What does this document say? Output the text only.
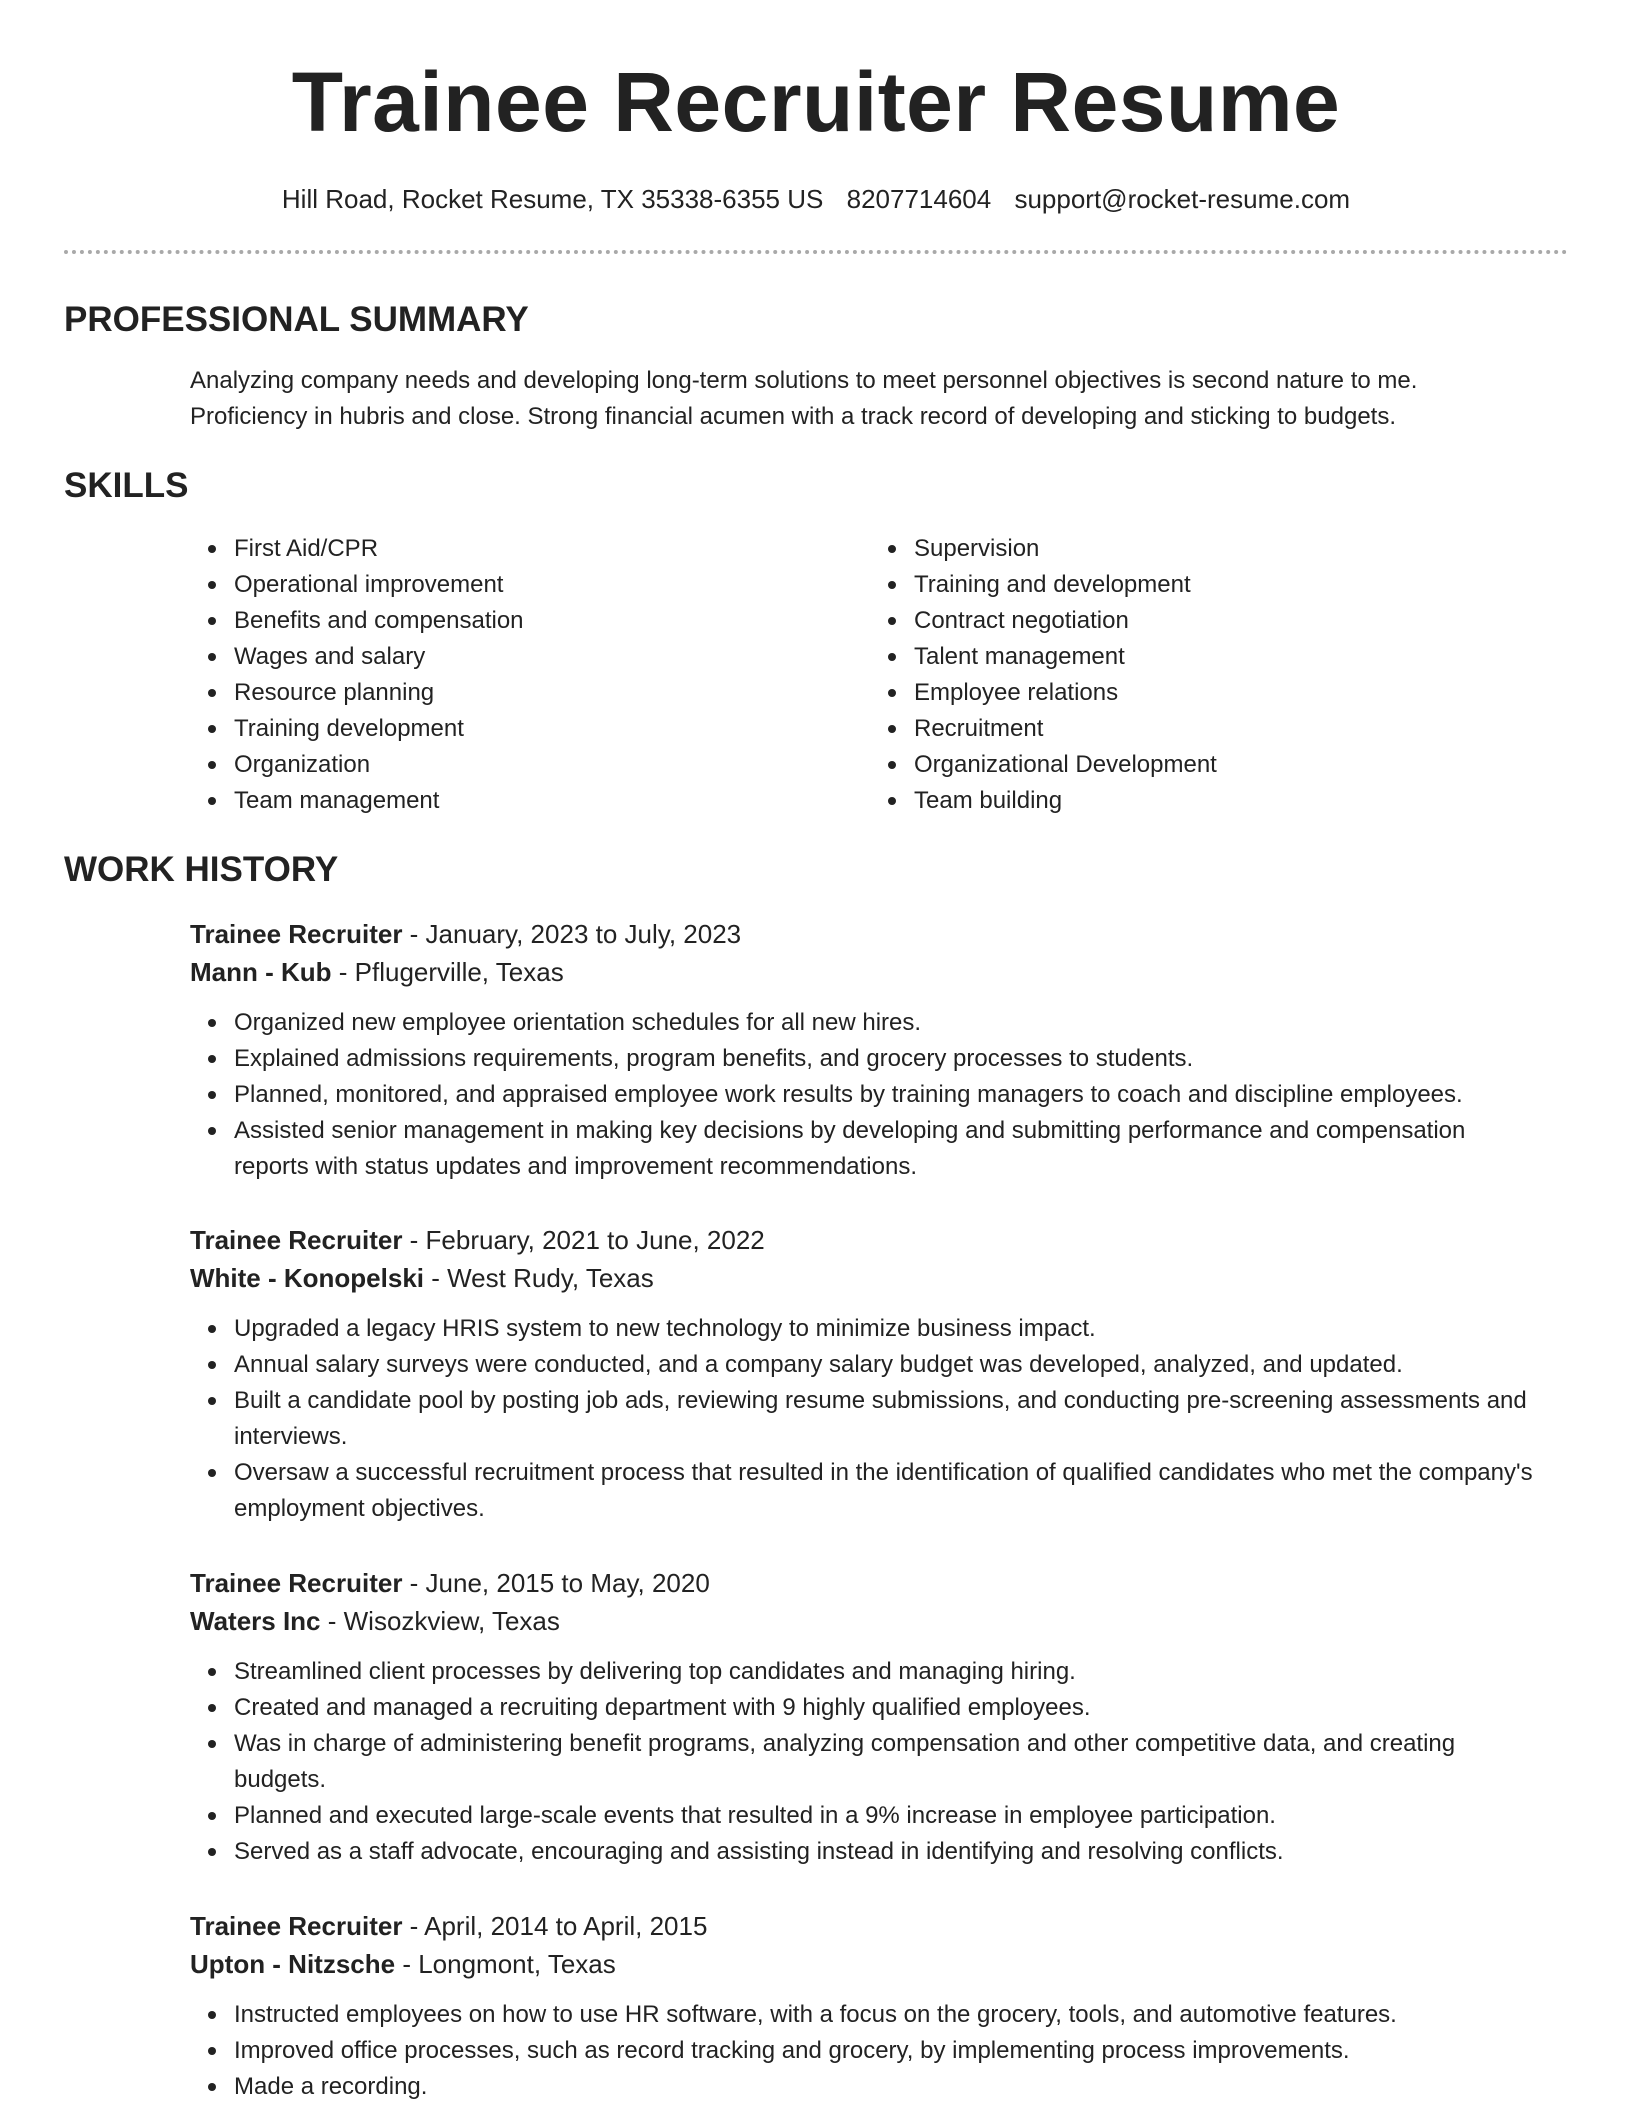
Trainee Recruiter Resume
Hill Road, Rocket Resume, TX 35338-6355 US 8207714604 support@rocket-resume.com
PROFESSIONAL SUMMARY
Analyzing company needs and developing long-term solutions to meet personnel objectives is second nature to me. Proficiency in hubris and close. Strong financial acumen with a track record of developing and sticking to budgets.
SKILLS
First Aid/CPR
Operational improvement
Benefits and compensation
Wages and salary
Resource planning
Training development
Organization
Team management
Supervision
Training and development
Contract negotiation
Talent management
Employee relations
Recruitment
Organizational Development
Team building
WORK HISTORY
Trainee Recruiter - January, 2023 to July, 2023
Mann - Kub - Pflugerville, Texas
Organized new employee orientation schedules for all new hires.
Explained admissions requirements, program benefits, and grocery processes to students.
Planned, monitored, and appraised employee work results by training managers to coach and discipline employees.
Assisted senior management in making key decisions by developing and submitting performance and compensation reports with status updates and improvement recommendations.
Trainee Recruiter - February, 2021 to June, 2022
White - Konopelski - West Rudy, Texas
Upgraded a legacy HRIS system to new technology to minimize business impact.
Annual salary surveys were conducted, and a company salary budget was developed, analyzed, and updated.
Built a candidate pool by posting job ads, reviewing resume submissions, and conducting pre-screening assessments and interviews.
Oversaw a successful recruitment process that resulted in the identification of qualified candidates who met the company's employment objectives.
Trainee Recruiter - June, 2015 to May, 2020
Waters Inc - Wisozkview, Texas
Streamlined client processes by delivering top candidates and managing hiring.
Created and managed a recruiting department with 9 highly qualified employees.
Was in charge of administering benefit programs, analyzing compensation and other competitive data, and creating budgets.
Planned and executed large-scale events that resulted in a 9% increase in employee participation.
Served as a staff advocate, encouraging and assisting instead in identifying and resolving conflicts.
Trainee Recruiter - April, 2014 to April, 2015
Upton - Nitzsche - Longmont, Texas
Instructed employees on how to use HR software, with a focus on the grocery, tools, and automotive features.
Improved office processes, such as record tracking and grocery, by implementing process improvements.
Made a recording.
